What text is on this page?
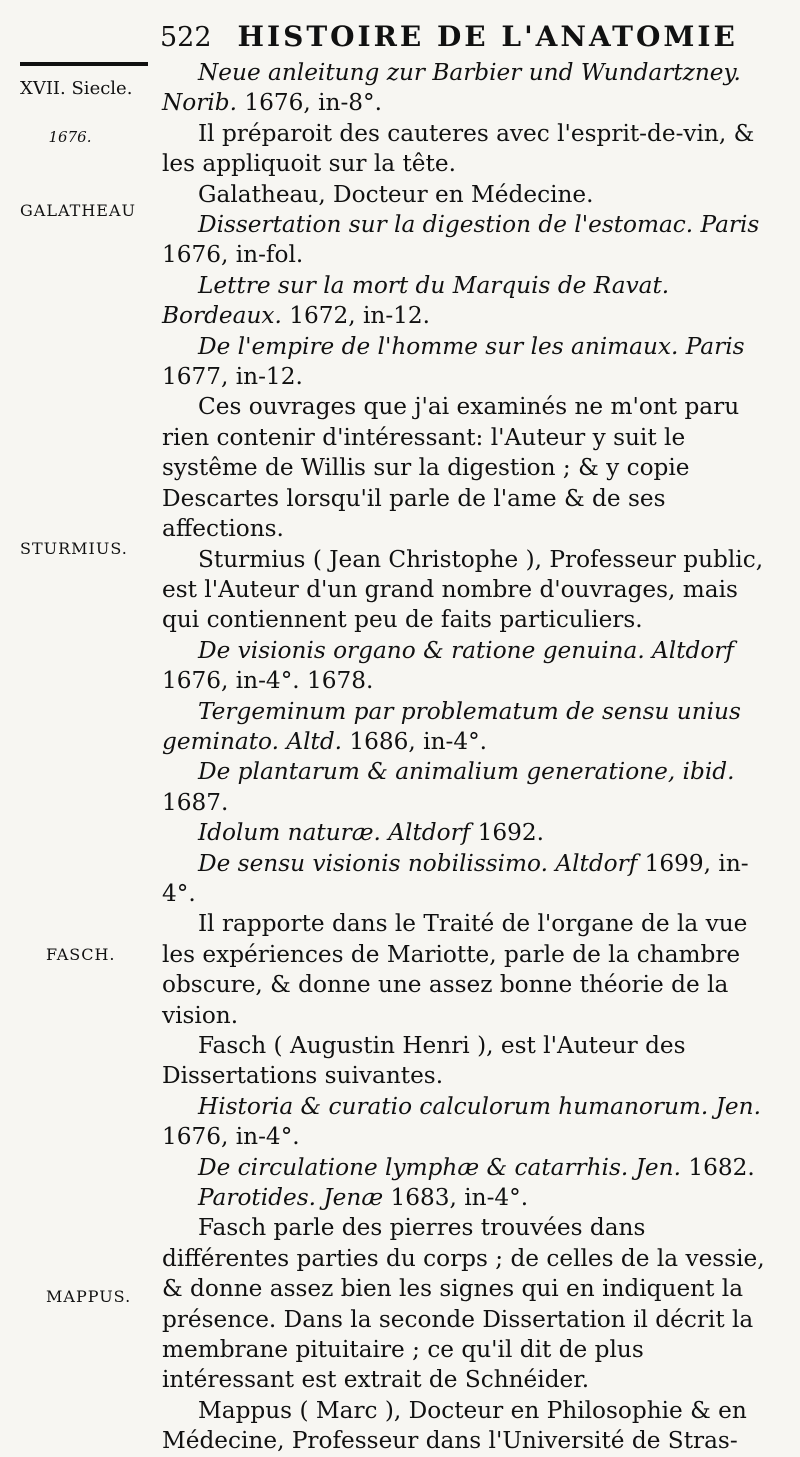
522 HISTOIRE DE L'ANATOMIE
XVII. Siecle.
1676.
GALATHEAU
STURMIUS.
FASCH.
MAPPUS.

Neue anleitung zur Barbier und Wundartzney. Norib. 1676, in-8°.

Il préparoit des cauteres avec l'esprit-de-vin, & les appliquoit sur la tête.

Galatheau, Docteur en Médecine.

Dissertation sur la digestion de l'estomac. Paris 1676, in-fol.

Lettre sur la mort du Marquis de Ravat. Bordeaux. 1672, in-12.

De l'empire de l'homme sur les animaux. Paris 1677, in-12.

Ces ouvrages que j'ai examinés ne m'ont paru rien contenir d'intéressant: l'Auteur y suit le systême de Willis sur la digestion ; & y copie Descartes lorsqu'il parle de l'ame & de ses affections.

Sturmius ( Jean Christophe ), Professeur public, est l'Auteur d'un grand nombre d'ouvrages, mais qui contiennent peu de faits particuliers.

De visionis organo & ratione genuina. Altdorf 1676, in-4°. 1678.

Tergeminum par problematum de sensu unius geminato. Altd. 1686, in-4°.

De plantarum & animalium generatione, ibid. 1687.

Idolum naturæ. Altdorf 1692.

De sensu visionis nobilissimo. Altdorf 1699, in-4°.

Il rapporte dans le Traité de l'organe de la vue les expériences de Mariotte, parle de la chambre obscure, & donne une assez bonne théorie de la vision.

Fasch ( Augustin Henri ), est l'Auteur des Dissertations suivantes.

Historia & curatio calculorum humanorum. Jen. 1676, in-4°.

De circulatione lymphæ & catarrhis. Jen. 1682.

Parotides. Jenæ 1683, in-4°.

Fasch parle des pierres trouvées dans différentes parties du corps ; de celles de la vessie, & donne assez bien les signes qui en indiquent la présence. Dans la seconde Dissertation il décrit la membrane pituitaire ; ce qu'il dit de plus intéressant est extrait de Schnéider.

Mappus ( Marc ), Docteur en Philosophie & en Médecine, Professeur dans l'Université de Stras-
